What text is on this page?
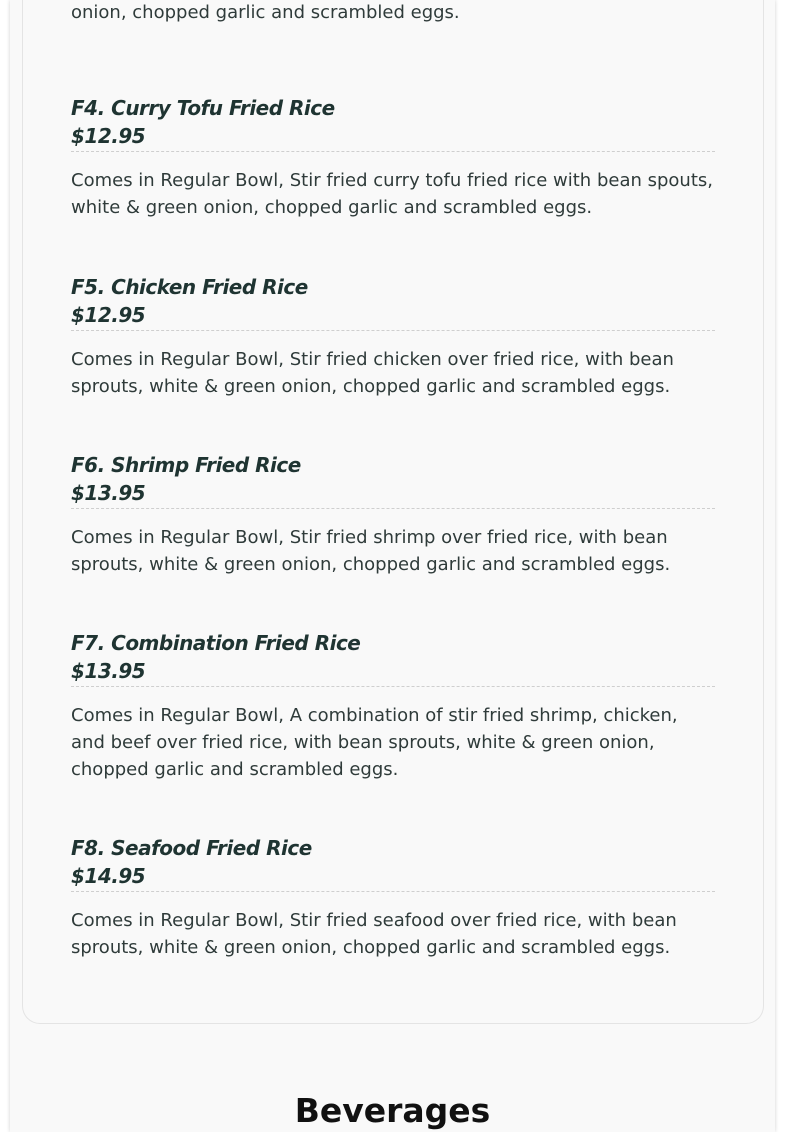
onion, chopped garlic and scrambled eggs.

F4. Curry Tofu Fried Rice

$12.95

Comes in Regular Bowl, Stir fried curry tofu fried rice with bean spouts, white & green onion, chopped garlic and scrambled eggs.

F5. Chicken Fried Rice

$12.95

Comes in Regular Bowl, Stir fried chicken over fried rice, with bean sprouts, white & green onion, chopped garlic and scrambled eggs.

F6. Shrimp Fried Rice

$13.95

Comes in Regular Bowl, Stir fried shrimp over fried rice, with bean sprouts, white & green onion, chopped garlic and scrambled eggs.

F7. Combination Fried Rice

$13.95

Comes in Regular Bowl, A combination of stir fried shrimp, chicken, and beef over fried rice, with bean sprouts, white & green onion, chopped garlic and scrambled eggs.

F8. Seafood Fried Rice

$14.95

Comes in Regular Bowl, Stir fried seafood over fried rice, with bean sprouts, white & green onion, chopped garlic and scrambled eggs.

Beverages
